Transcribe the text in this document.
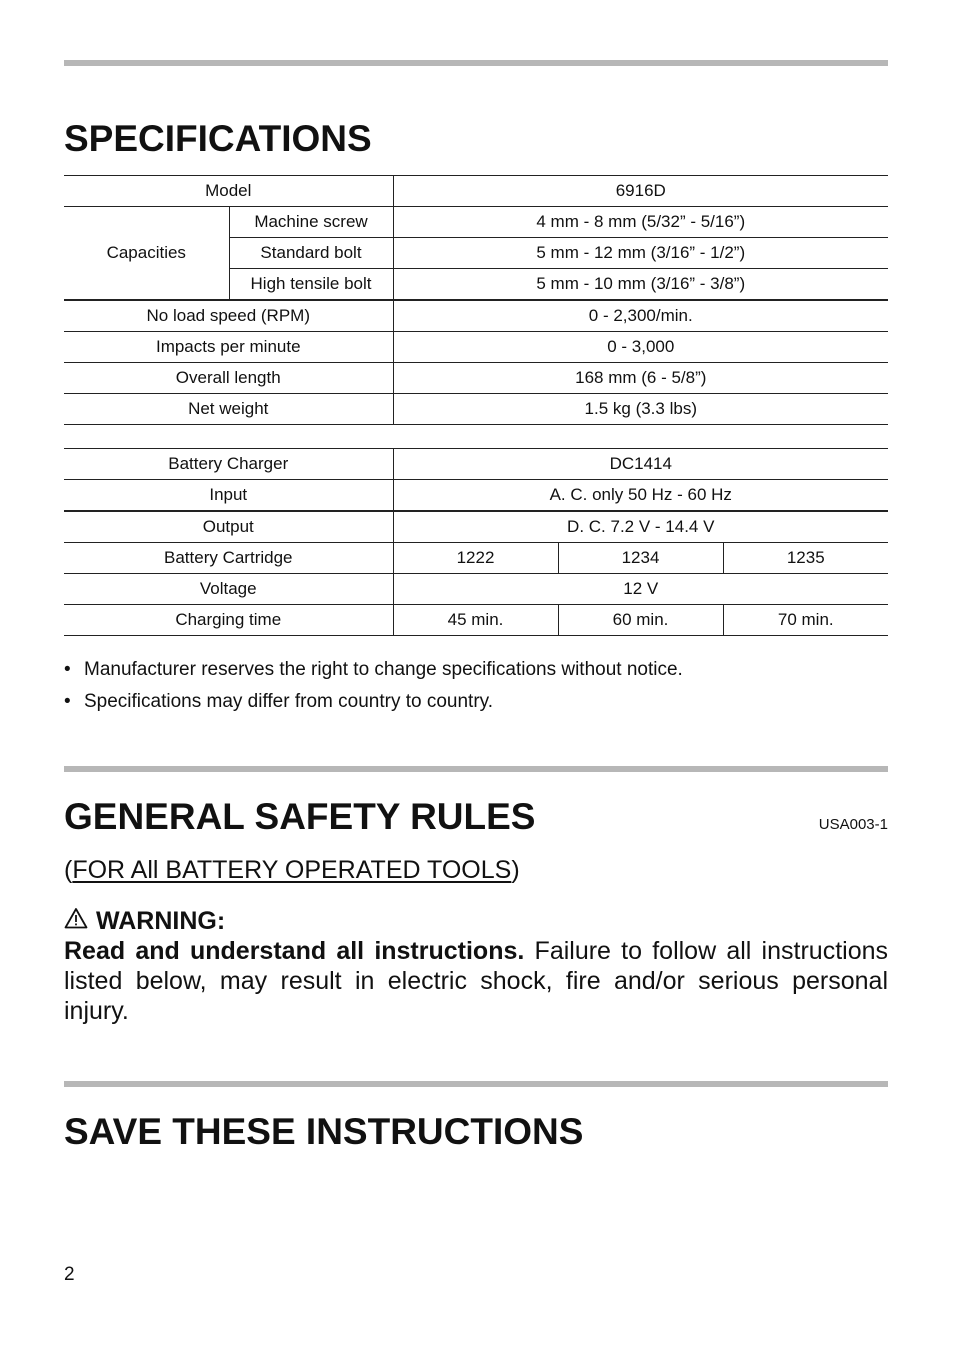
SPECIFICATIONS
Model		6916D
Capacities	Machine screw	4 mm - 8 mm (5/32” - 5/16”)
	Standard bolt	5 mm - 12 mm (3/16” - 1/2”)
	High tensile bolt	5 mm - 10 mm (3/16” - 3/8”)
No load speed (RPM)		0 - 2,300/min.
Impacts per minute		0 - 3,000
Overall length		168 mm (6 - 5/8”)
Net weight		1.5 kg (3.3 lbs)
Battery Charger	DC1414		
Input	A. C. only 50 Hz - 60 Hz		
Output	D. C. 7.2 V - 14.4 V		
Battery Cartridge	1222	1234	1235
Voltage	12 V		
Charging time	45 min.	60 min.	70 min.
• Manufacturer reserves the right to change specifications without notice.
• Specifications may differ from country to country.
GENERAL SAFETY RULES	USA003-1
(FOR All BATTERY OPERATED TOOLS)
WARNING:

Read and understand all instructions. Failure to follow all instructions listed below, may result in electric shock, fire and/or serious personal injury.

SAVE THESE INSTRUCTIONS
2
